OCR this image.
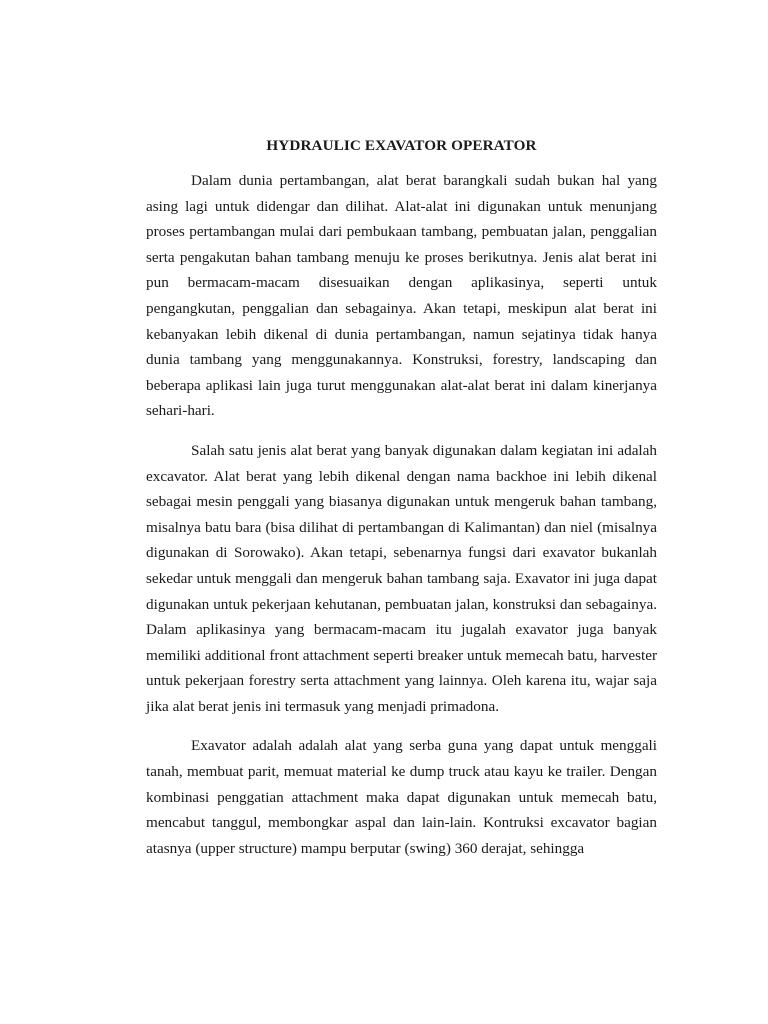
HYDRAULIC EXAVATOR OPERATOR

Dalam dunia pertambangan, alat berat barangkali sudah bukan hal yang asing lagi untuk didengar dan dilihat. Alat-alat ini digunakan untuk menunjang proses pertambangan mulai dari pembukaan tambang, pembuatan jalan, penggalian serta pengakutan bahan tambang menuju ke proses berikutnya. Jenis alat berat ini pun bermacam-macam disesuaikan dengan aplikasinya, seperti untuk pengangkutan, penggalian dan sebagainya. Akan tetapi, meskipun alat berat ini kebanyakan lebih dikenal di dunia pertambangan, namun sejatinya tidak hanya dunia tambang yang menggunakannya. Konstruksi, forestry, landscaping dan beberapa aplikasi lain juga turut menggunakan alat-alat berat ini dalam kinerjanya sehari-hari.

Salah satu jenis alat berat yang banyak digunakan dalam kegiatan ini adalah excavator. Alat berat yang lebih dikenal dengan nama backhoe ini lebih dikenal sebagai mesin penggali yang biasanya digunakan untuk mengeruk bahan tambang, misalnya batu bara (bisa dilihat di pertambangan di Kalimantan) dan niel (misalnya digunakan di Sorowako). Akan tetapi, sebenarnya fungsi dari exavator bukanlah sekedar untuk menggali dan mengeruk bahan tambang saja. Exavator ini juga dapat digunakan untuk pekerjaan kehutanan, pembuatan jalan, konstruksi dan sebagainya. Dalam aplikasinya yang bermacam-macam itu jugalah exavator juga banyak memiliki additional front attachment seperti breaker untuk memecah batu, harvester untuk pekerjaan forestry serta attachment yang lainnya. Oleh karena itu, wajar saja jika alat berat jenis ini termasuk yang menjadi primadona.

Exavator adalah adalah alat yang serba guna yang dapat untuk menggali tanah, membuat parit, memuat material ke dump truck atau kayu ke trailer. Dengan kombinasi penggatian attachment maka dapat digunakan untuk memecah batu, mencabut tanggul, membongkar aspal dan lain-lain. Kontruksi excavator bagian atasnya (upper structure) mampu berputar (swing) 360 derajat, sehingga
